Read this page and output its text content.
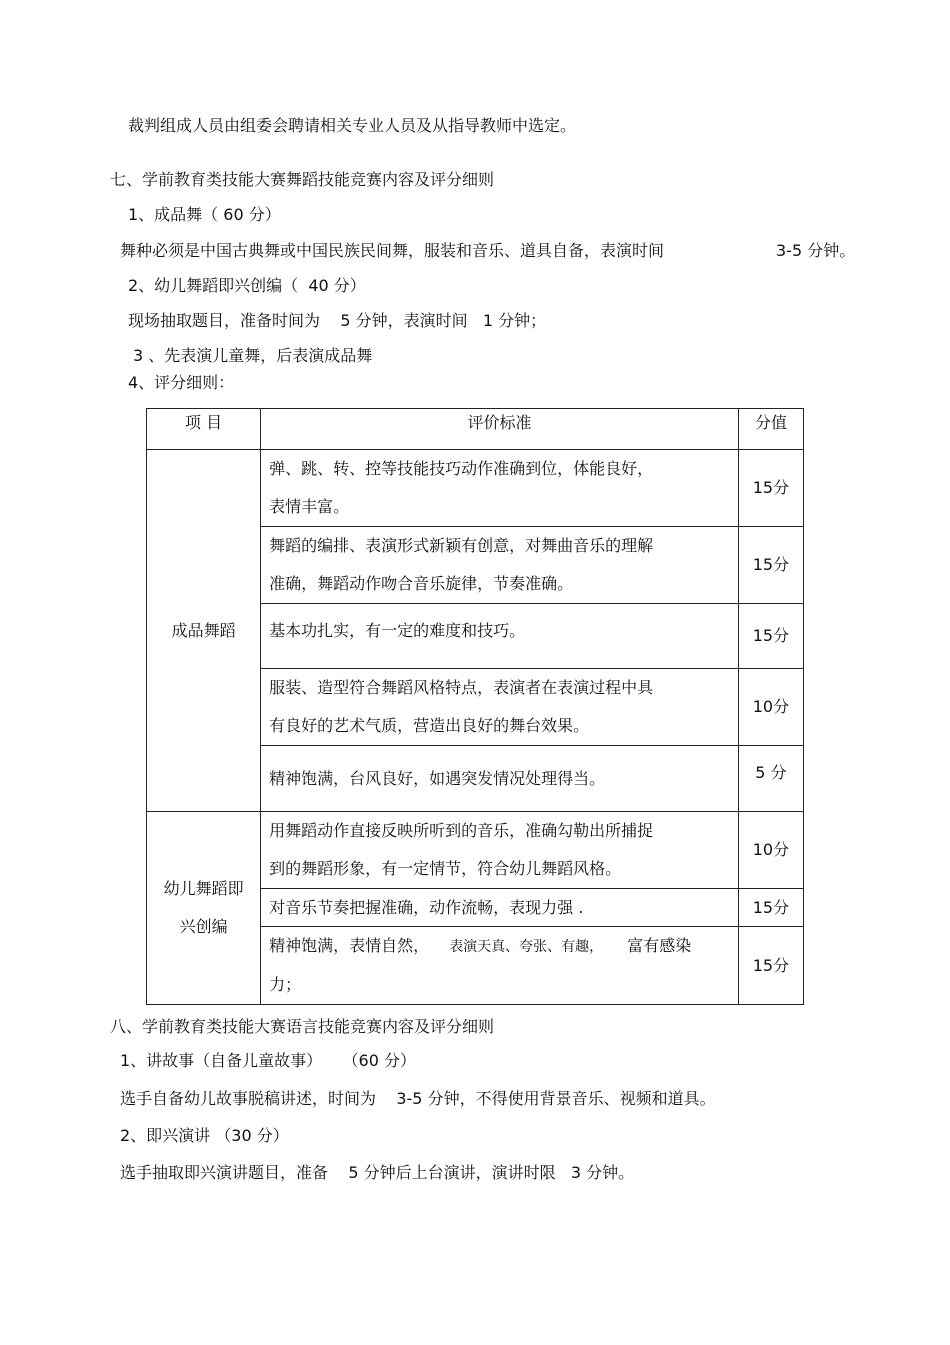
裁判组成人员由组委会聘请相关专业人员及从指导教师中选定。
七、学前教育类技能大赛舞蹈技能竞赛内容及评分细则
1、成品舞（ 60 分）
舞种必须是中国古典舞或中国民族民间舞，服装和音乐、道具自备，表演时间	3-5 分钟。
2、幼儿舞蹈即兴创编（  40 分）
现场抽取题目，准备时间为    5 分钟，表演时间   1 分钟；
3 、先表演儿童舞，后表演成品舞
4、评分细则：
项 目	评价标准	分值

成品舞蹈	弹、跳、转、控等技能技巧动作准确到位，体能良好，
表情丰富。	15分

	舞蹈的编排、表演形式新颖有创意，对舞曲音乐的理解
准确，舞蹈动作吻合音乐旋律，节奏准确。	15分

	基本功扎实，有一定的难度和技巧。	15分

	服装、造型符合舞蹈风格特点，表演者在表演过程中具
有良好的艺术气质，营造出良好的舞台效果。	10分

	精神饱满，台风良好，如遇突发情况处理得当。	5 分

幼儿舞蹈即
兴创编	用舞蹈动作直接反映所听到的音乐，准确勾勒出所捕捉
到的舞蹈形象，有一定情节，符合幼儿舞蹈风格。	10分

	对音乐节奏把握准确，动作流畅，表现力强 .	15分

	精神饱满，表情自然， 表演天真、夸张、有趣， 富有感染
力；	15分
八、学前教育类技能大赛语言技能竞赛内容及评分细则
1、讲故事（自备儿童故事）    （60 分）
选手自备幼儿故事脱稿讲述，时间为    3-5 分钟，不得使用背景音乐、视频和道具。
2、即兴演讲 （30 分）
选手抽取即兴演讲题目，准备    5 分钟后上台演讲，演讲时限   3 分钟。
